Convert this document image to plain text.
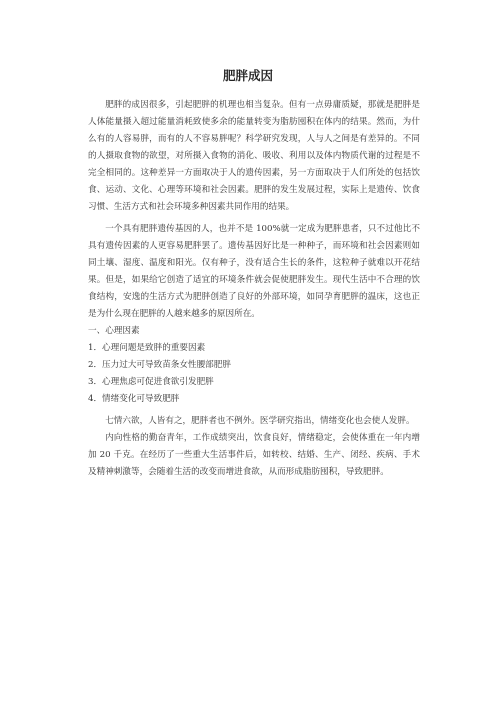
肥胖成因

肥胖的成因很多，引起肥胖的机理也相当复杂。但有一点毋庸质疑，那就是肥胖是人体能量摄入超过能量消耗致使多余的能量转变为脂肪囤积在体内的结果。然而，为什么有的人容易胖，而有的人不容易胖呢？科学研究发现，人与人之间是有差异的。不同的人摄取食物的欲望，对所摄入食物的消化、吸收、利用以及体内物质代谢的过程是不完全相同的。这种差异一方面取决于人的遗传因素，另一方面取决于人们所处的包括饮食、运动、文化、心理等环境和社会因素。肥胖的发生发展过程，实际上是遗传、饮食习惯、生活方式和社会环境多种因素共同作用的结果。

一个具有肥胖遗传基因的人，也并不是 100%就一定成为肥胖患者，只不过他比不具有遗传因素的人更容易肥胖罢了。遗传基因好比是一种种子，而环境和社会因素则如同土壤、湿度、温度和阳光。仅有种子，没有适合生长的条件，这粒种子就难以开花结果。但是，如果给它创造了适宜的环境条件就会促使肥胖发生。现代生活中不合理的饮食结构，安逸的生活方式为肥胖创造了良好的外部环境，如同孕育肥胖的温床，这也正是为什么现在肥胖的人越来越多的原因所在。

一、心理因素

1．心理问题是致胖的重要因素

2．压力过大可导致苗条女性腰部肥胖

3．心理焦虑可促进食欲引发肥胖

4．情绪变化可导致肥胖

七情六欲，人皆有之，肥胖者也不例外。医学研究指出，情绪变化也会使人发胖。

内向性格的勤奋青年，工作成绩突出，饮食良好，情绪稳定，会使体重在一年内增加 20 千克。在经历了一些重大生活事件后，如转校、结婚、生产、闭经、疾病、手术及精神刺激等，会随着生活的改变而增进食欲，从而形成脂肪囤积，导致肥胖。
